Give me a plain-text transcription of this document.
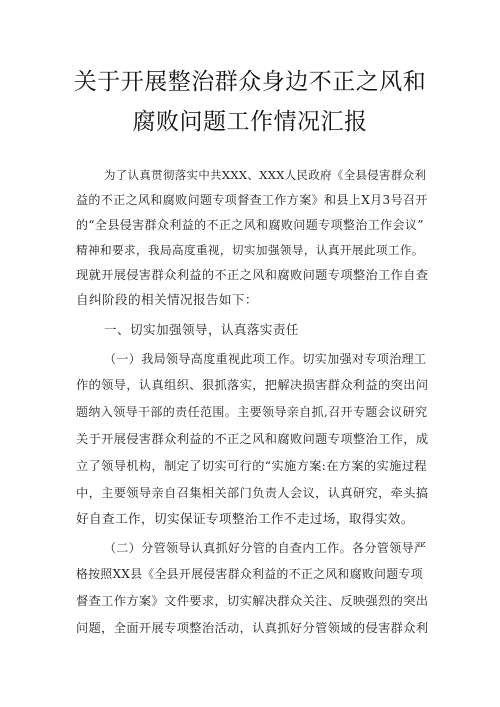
关于开展整治群众身边不正之风和
腐败问题工作情况汇报
为了认真贯彻落实中共XXX、XXX人民政府《全县侵害群众利
益的不正之风和腐败问题专项督查工作方案》和县上X月3号召开
的“全县侵害群众利益的不正之风和腐败问题专项整治工作会议”
精神和要求，我局高度重视，切实加强领导，认真开展此项工作。
现就开展侵害群众利益的不正之风和腐败问题专项整治工作自查
自纠阶段的相关情况报告如下：
一、切实加强领导，认真落实责任
（一）我局领导高度重视此项工作。切实加强对专项治理工
作的领导，认真组织、狠抓落实，把解决损害群众利益的突出问
题纳入领导干部的责任范围。主要领导亲自抓,召开专题会议研究
关于开展侵害群众利益的不正之风和腐败问题专项整治工作，成
立了领导机构，制定了切实可行的“实施方案:在方案的实施过程
中，主要领导亲自召集相关部门负责人会议，认真研究，牵头搞
好自查工作，切实保证专项整治工作不走过场，取得实效。
（二）分管领导认真抓好分管的自查内工作。各分管领导严
格按照XX县《全县开展侵害群众利益的不正之风和腐败问题专项
督查工作方案》文件要求，切实解决群众关注、反映强烈的突出
问题，全面开展专项整治活动，认真抓好分管领域的侵害群众利
